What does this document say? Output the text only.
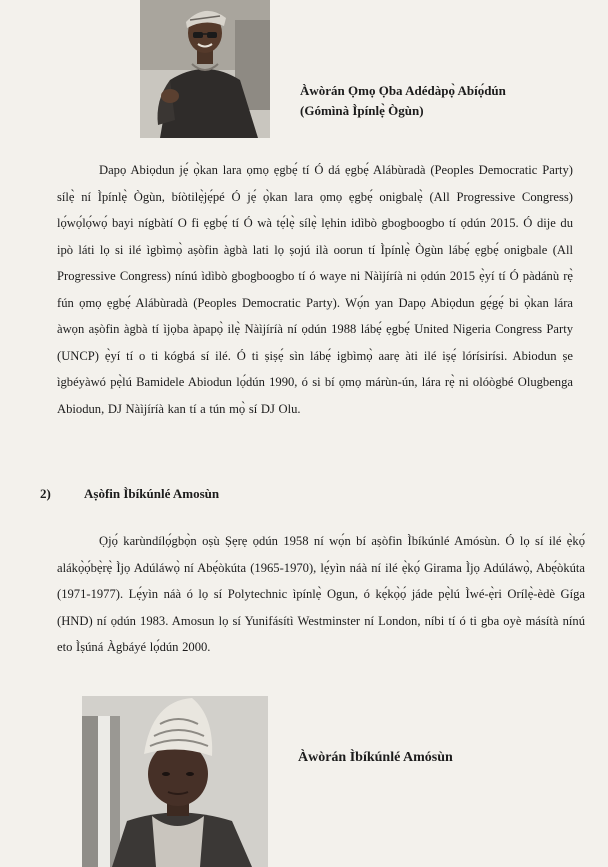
Àwòrán Ọmọ Ọba Adédàpọ̀ Abíọ́dún
(Gómìnà Ìpínlẹ̀ Ògùn)
Dapọ Abiọdun jẹ́ ọ̀kan lara ọmọ ẹgbẹ́ tí Ó dá ẹgbẹ́ Alábùradà (Peoples Democratic Party) sílẹ̀ ní Ìpínlẹ̀ Ògùn, bíòtilẹ̀jẹ́pé Ó jẹ́ ọ̀kan lara ọmọ ẹgbẹ́ onigbalẹ̀ (All Progressive Congress) lọ́wọ́lọ́wọ́ bayi nígbàtí O fi ẹgbẹ́ tí Ó wà tẹ́lẹ̀ sílẹ̀ lẹhin idìbò gbogboogbo tí ọdún 2015. Ó dije du ipò láti lọ si ilé ìgbìmọ̀ aṣòfin àgbà lati lọ ṣojú ilà oorun tí Ìpínlẹ̀ Ògùn lábẹ́ ẹgbẹ́ onigbale (All Progressive Congress) nínú ìdìbò gbogboogbo tí ó waye ni Nàìjíríà ni ọdún 2015 ẹ̀yí tí Ó pàdánù rẹ̀ fún ọmọ ẹgbẹ́ Alábùradà (Peoples Democratic Party). Wọ́n yan Dapọ Abiọdun gẹ́gẹ́ bi ọ̀kan lára àwọn aṣòfin àgbà tí ìjọba àpapọ̀ ilẹ̀ Nàìjíríà ní ọdún 1988 lábẹ́ ẹgbẹ́ United Nigeria Congress Party (UNCP) ẹ̀yí tí o ti kógbá sí ilé. Ó ti ṣiṣẹ́ sìn lábẹ́ igbìmọ̀ aarẹ àti ilé iṣẹ́ lórísirísi. Abiodun ṣe ìgbéyàwó pẹ̀lú Bamidele Abiodun lọ́dún 1990, ó si bí ọmọ márùn-ún, lára rẹ̀ ni olóògbé Olugbenga Abiodun, DJ Nàìjíríà kan tí a tún mọ̀ sí DJ Olu.
2)	Aṣòfin Ìbíkúnlé Amosùn
Ọjọ́ karùndílọ́gbọ̀n oṣù Ṣẹrẹ ọdún 1958 ní wọ́n bí aṣòfin Ìbíkúnlé Amósùn. Ó lọ sí ilé ẹ̀kọ́ alákọ̀ọ́bẹ̀rẹ̀ Ìjọ Adúláwọ̀ ní Abẹ́òkúta (1965-1970), lẹ́yìn náà ní ilé ẹ̀kọ́ Girama Ìjọ Adúláwọ̀, Abẹ́òkúta (1971-1977). Lẹ́yìn náà ó lọ sí Polytechnic ìpínlẹ̀ Ogun, ó kẹ́kọ̀ọ́ jáde pẹ̀lú Ìwé-ẹ̀ri Orílẹ̀-èdè Gíga (HND) ní ọdún 1983. Amosun lọ sí Yunifásítì Westminster ní London, níbi tí ó ti gba oyè másítà nínú eto Ìṣúná Àgbáyé lọ́dún 2000.
Àwòrán Ìbíkúnlé Amósùn
